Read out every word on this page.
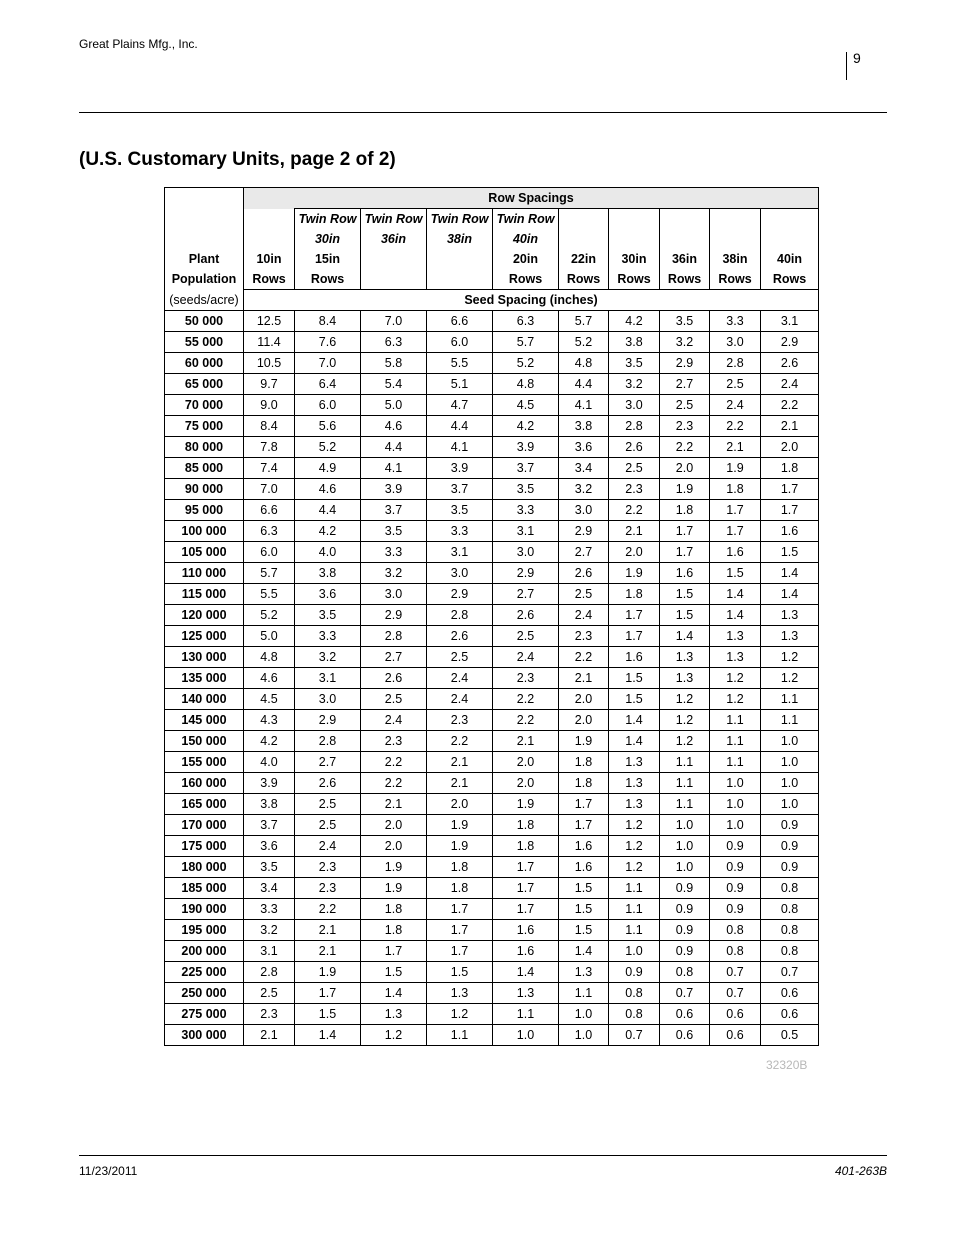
Great Plains Mfg., Inc.
9
(U.S. Customary Units, page 2 of 2)
	Row Spacings									
		Twin Row	Twin Row	Twin Row	Twin Row					
		30in	36in	38in	40in					
Plant	10in	15in			20in	22in	30in	36in	38in	40in
Population	Rows	Rows			Rows	Rows	Rows	Rows	Rows	Rows
(seeds/acre)	Seed Spacing (inches)									
50 000	12.5	8.4	7.0	6.6	6.3	5.7	4.2	3.5	3.3	3.1
55 000	11.4	7.6	6.3	6.0	5.7	5.2	3.8	3.2	3.0	2.9
60 000	10.5	7.0	5.8	5.5	5.2	4.8	3.5	2.9	2.8	2.6
65 000	9.7	6.4	5.4	5.1	4.8	4.4	3.2	2.7	2.5	2.4
70 000	9.0	6.0	5.0	4.7	4.5	4.1	3.0	2.5	2.4	2.2
75 000	8.4	5.6	4.6	4.4	4.2	3.8	2.8	2.3	2.2	2.1
80 000	7.8	5.2	4.4	4.1	3.9	3.6	2.6	2.2	2.1	2.0
85 000	7.4	4.9	4.1	3.9	3.7	3.4	2.5	2.0	1.9	1.8
90 000	7.0	4.6	3.9	3.7	3.5	3.2	2.3	1.9	1.8	1.7
95 000	6.6	4.4	3.7	3.5	3.3	3.0	2.2	1.8	1.7	1.7
100 000	6.3	4.2	3.5	3.3	3.1	2.9	2.1	1.7	1.7	1.6
105 000	6.0	4.0	3.3	3.1	3.0	2.7	2.0	1.7	1.6	1.5
110 000	5.7	3.8	3.2	3.0	2.9	2.6	1.9	1.6	1.5	1.4
115 000	5.5	3.6	3.0	2.9	2.7	2.5	1.8	1.5	1.4	1.4
120 000	5.2	3.5	2.9	2.8	2.6	2.4	1.7	1.5	1.4	1.3
125 000	5.0	3.3	2.8	2.6	2.5	2.3	1.7	1.4	1.3	1.3
130 000	4.8	3.2	2.7	2.5	2.4	2.2	1.6	1.3	1.3	1.2
135 000	4.6	3.1	2.6	2.4	2.3	2.1	1.5	1.3	1.2	1.2
140 000	4.5	3.0	2.5	2.4	2.2	2.0	1.5	1.2	1.2	1.1
145 000	4.3	2.9	2.4	2.3	2.2	2.0	1.4	1.2	1.1	1.1
150 000	4.2	2.8	2.3	2.2	2.1	1.9	1.4	1.2	1.1	1.0
155 000	4.0	2.7	2.2	2.1	2.0	1.8	1.3	1.1	1.1	1.0
160 000	3.9	2.6	2.2	2.1	2.0	1.8	1.3	1.1	1.0	1.0
165 000	3.8	2.5	2.1	2.0	1.9	1.7	1.3	1.1	1.0	1.0
170 000	3.7	2.5	2.0	1.9	1.8	1.7	1.2	1.0	1.0	0.9
175 000	3.6	2.4	2.0	1.9	1.8	1.6	1.2	1.0	0.9	0.9
180 000	3.5	2.3	1.9	1.8	1.7	1.6	1.2	1.0	0.9	0.9
185 000	3.4	2.3	1.9	1.8	1.7	1.5	1.1	0.9	0.9	0.8
190 000	3.3	2.2	1.8	1.7	1.7	1.5	1.1	0.9	0.9	0.8
195 000	3.2	2.1	1.8	1.7	1.6	1.5	1.1	0.9	0.8	0.8
200 000	3.1	2.1	1.7	1.7	1.6	1.4	1.0	0.9	0.8	0.8
225 000	2.8	1.9	1.5	1.5	1.4	1.3	0.9	0.8	0.7	0.7
250 000	2.5	1.7	1.4	1.3	1.3	1.1	0.8	0.7	0.7	0.6
275 000	2.3	1.5	1.3	1.2	1.1	1.0	0.8	0.6	0.6	0.6
300 000	2.1	1.4	1.2	1.1	1.0	1.0	0.7	0.6	0.6	0.5
32320B
11/23/2011	401-263B
